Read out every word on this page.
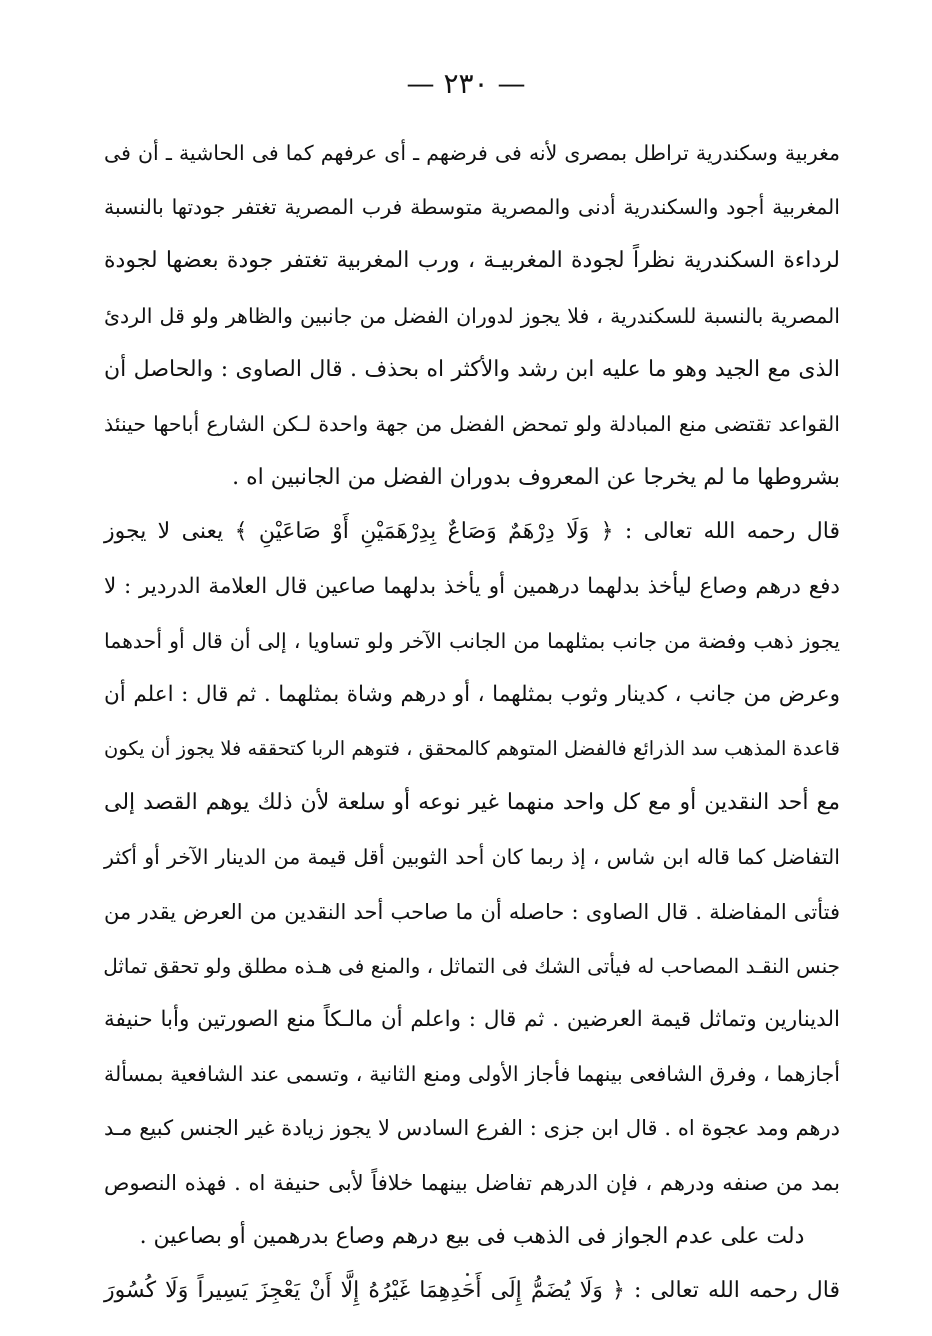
— ٢٣٠ —
مغربية وسكندرية تراطل بمصرى لأنه فى فرضهم ـ أى عرفهم كما فى الحاشية ـ أن فى
المغربية أجود والسكندرية أدنى والمصرية متوسطة فرب المصرية تغتفر جودتها بالنسبة
لرداءة السكندرية نظراً لجودة المغربيـة ، ورب المغربية تغتفر جودة بعضها لجودة
المصرية بالنسبة للسكندرية ، فلا يجوز لدوران الفضل من جانبين والظاهر ولو قل الردئ
الذى مع الجيد وهو ما عليه ابن رشد والأكثر اه بحذف . قال الصاوى : والحاصل أن
القواعد تقتضى منع المبادلة ولو تمحض الفضل من جهة واحدة لـكن الشارع أباحها حينئذ
بشروطها ما لم يخرجا عن المعروف بدوران الفضل من الجانبين اه .
قال رحمه الله تعالى : ﴿ وَلَا دِرْهَمٌ وَصَاعٌ بِدِرْهَمَيْنِ أَوْ صَاعَيْنِ ﴾ يعنى لا يجوز
دفع درهم وصاع ليأخذ بدلهما درهمين أو يأخذ بدلهما صاعين قال العلامة الدردير : لا
يجوز ذهب وفضة من جانب بمثلهما من الجانب الآخر ولو تساويا ، إلى أن قال أو أحدهما
وعرض من جانب ، كدينار وثوب بمثلهما ، أو درهم وشاة بمثلهما . ثم قال : اعلم أن
قاعدة المذهب سد الذرائع فالفضل المتوهم كالمحقق ، فتوهم الربا كتحققه فلا يجوز أن يكون
مع أحد النقدين أو مع كل واحد منهما غير نوعه أو سلعة لأن ذلك يوهم القصد إلى
التفاضل كما قاله ابن شاس ، إذ ربما كان أحد الثوبين أقل قيمة من الدينار الآخر أو أكثر
فتأتى المفاضلة . قال الصاوى : حاصله أن ما صاحب أحد النقدين من العرض يقدر من
جنس النقـد المصاحب له فيأتى الشك فى التماثل ، والمنع فى هـذه مطلق ولو تحقق تماثل
الدينارين وتماثل قيمة العرضين . ثم قال : واعلم أن مالـكاً منع الصورتين وأبا حنيفة
أجازهما ، وفرق الشافعى بينهما فأجاز الأولى ومنع الثانية ، وتسمى عند الشافعية بمسألة
درهم ومد عجوة اه . قال ابن جزى : الفرع السادس لا يجوز زيادة غير الجنس كبيع مـد
بمد من صنفه ودرهم ، فإن الدرهم تفاضل بينهما خلافاً لأبى حنيفة اه . فهذه النصوص
دلت على عدم الجواز فى الذهب فى بيع درهم وصاع بدرهمين أو بصاعين .
قال رحمه الله تعالى : ﴿ وَلَا يُضَمُّ إِلَى أَحَدِهِمَا غَيْرُهُ إِلَّا أَنْ يَعْجِزَ يَسِيراً وَلَا كُسُورَ
